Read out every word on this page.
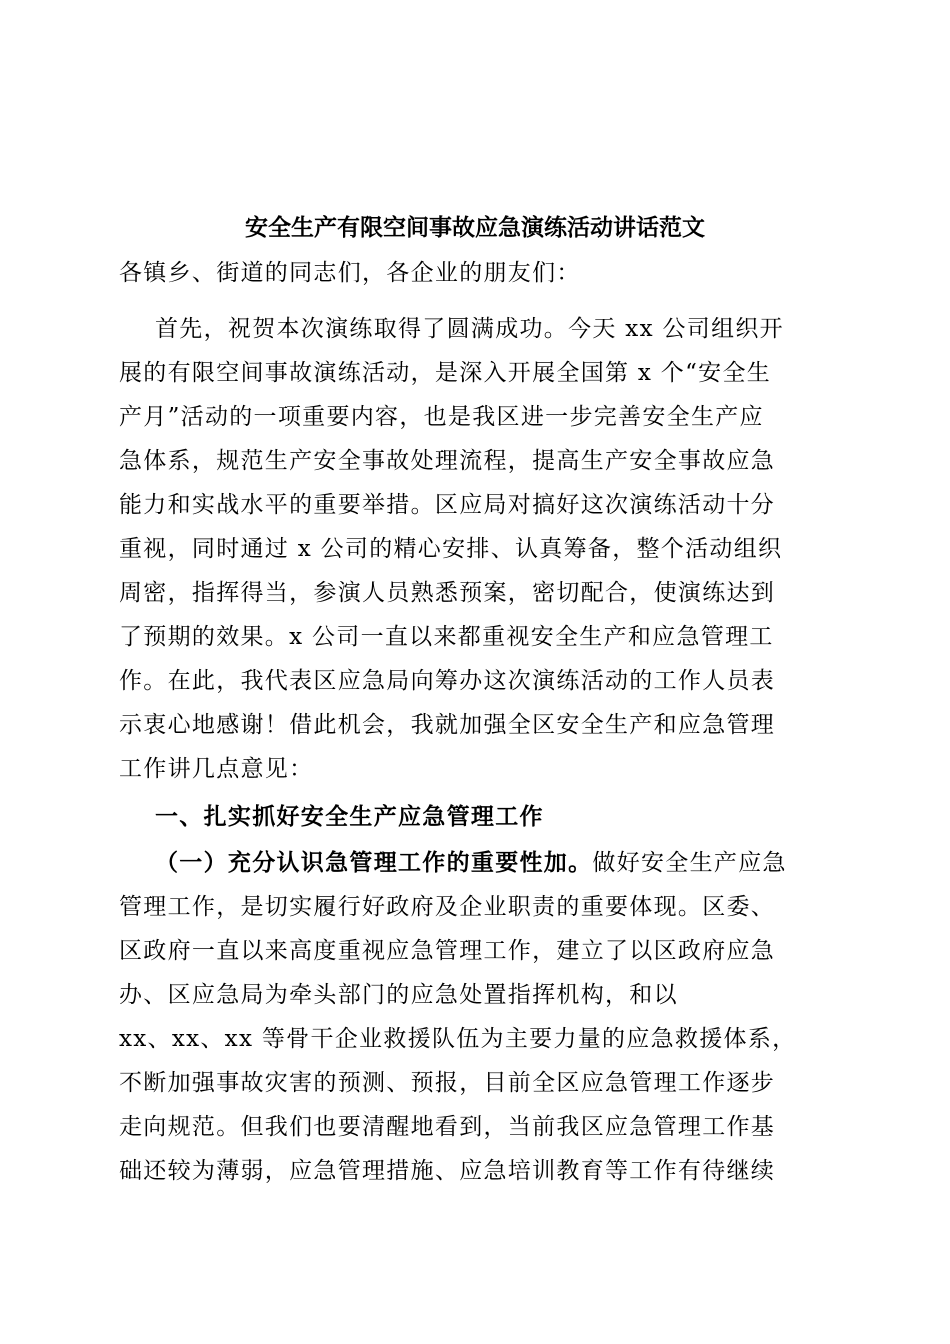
安全生产有限空间事故应急演练活动讲话范文
各镇乡、街道的同志们，各企业的朋友们：
首先，祝贺本次演练取得了圆满成功。今天 xx 公司组织开
展的有限空间事故演练活动，是深入开展全国第 x 个“安全生
产月”活动的一项重要内容，也是我区进一步完善安全生产应
急体系，规范生产安全事故处理流程，提高生产安全事故应急
能力和实战水平的重要举措。区应局对搞好这次演练活动十分
重视，同时通过 x 公司的精心安排、认真筹备，整个活动组织
周密，指挥得当，参演人员熟悉预案，密切配合，使演练达到
了预期的效果。x 公司一直以来都重视安全生产和应急管理工
作。在此，我代表区应急局向筹办这次演练活动的工作人员表
示衷心地感谢！借此机会，我就加强全区安全生产和应急管理
工作讲几点意见：
一、扎实抓好安全生产应急管理工作
（一）充分认识急管理工作的重要性加。做好安全生产应急
管理工作，是切实履行好政府及企业职责的重要体现。区委、
区政府一直以来高度重视应急管理工作，建立了以区政府应急
办、区应急局为牵头部门的应急处置指挥机构，和以
xx、xx、xx 等骨干企业救援队伍为主要力量的应急救援体系，
不断加强事故灾害的预测、预报，目前全区应急管理工作逐步
走向规范。但我们也要清醒地看到，当前我区应急管理工作基
础还较为薄弱，应急管理措施、应急培训教育等工作有待继续
